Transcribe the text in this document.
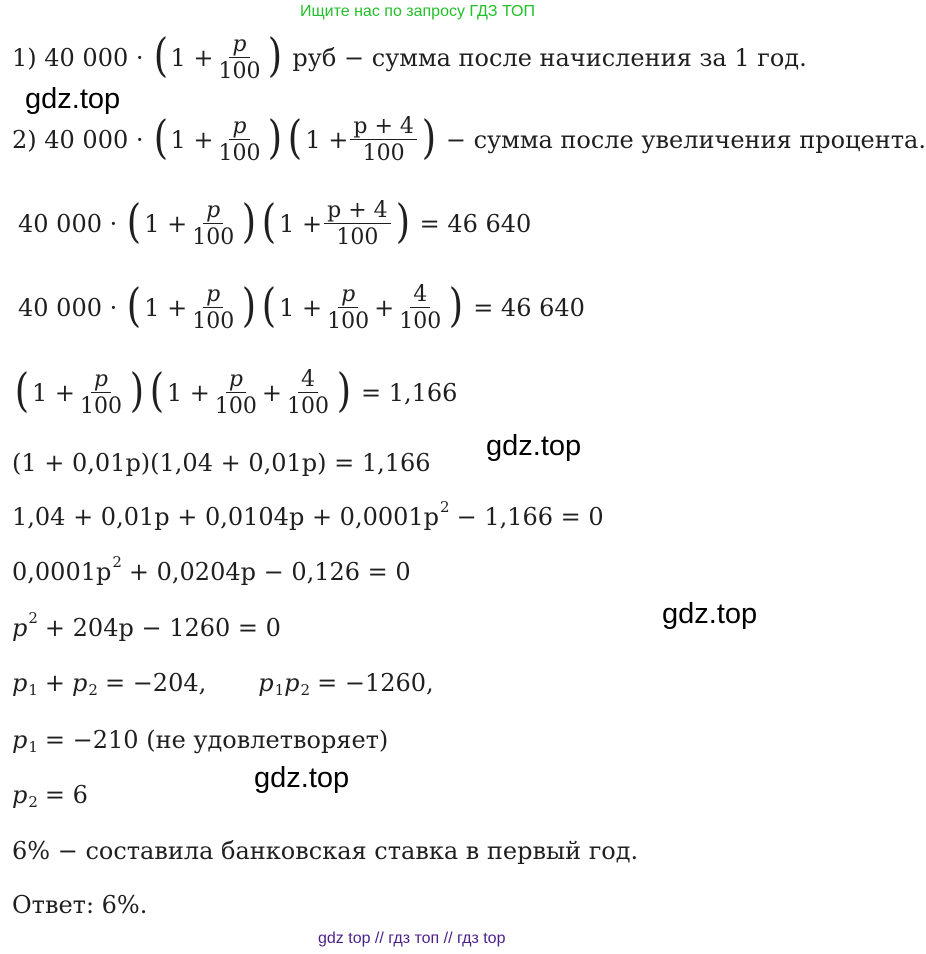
Ищите нас по запросу ГДЗ ТОП
1) 40 000 · ( $1 + \frac{p}{100}$ ) руб − сумма после начисления за 1 год.
gdz.top
2) 40 000 · ( $1 + \frac{p}{100}$ ) ( $1 + \frac{p + 4}{100}$ ) − сумма после увеличения процента.
40 000 · ( $1 + \frac{p}{100}$ ) ( $1 + \frac{p + 4}{100}$ ) = 46 640
40 000 · ( $1 + \frac{p}{100}$ ) ( $1 + \frac{p}{100} + \frac{4}{100}$ ) = 46 640
( $1 + \frac{p}{100}$ ) ( $1 + \frac{p}{100} + \frac{4}{100}$ ) = 1,166
gdz.top
(1 + 0,01p)(1,04 + 0,01p) = 1,166
1,04 + 0,01p + 0,0104p + 0,0001p 2 − 1,166 = 0
0,0001p 2 + 0,0204p − 0,126 = 0
gdz.top
p 2 + 204p − 1260 = 0
p 1 + p 2 = −204, p 1 p 2 = −1260,
p 1 = −210 (не удовлетворяет)
gdz.top
p 2 = 6
6% − составила банковская ставка в первый год.
Ответ: 6%.
gdz top // гдз топ // гдз top
